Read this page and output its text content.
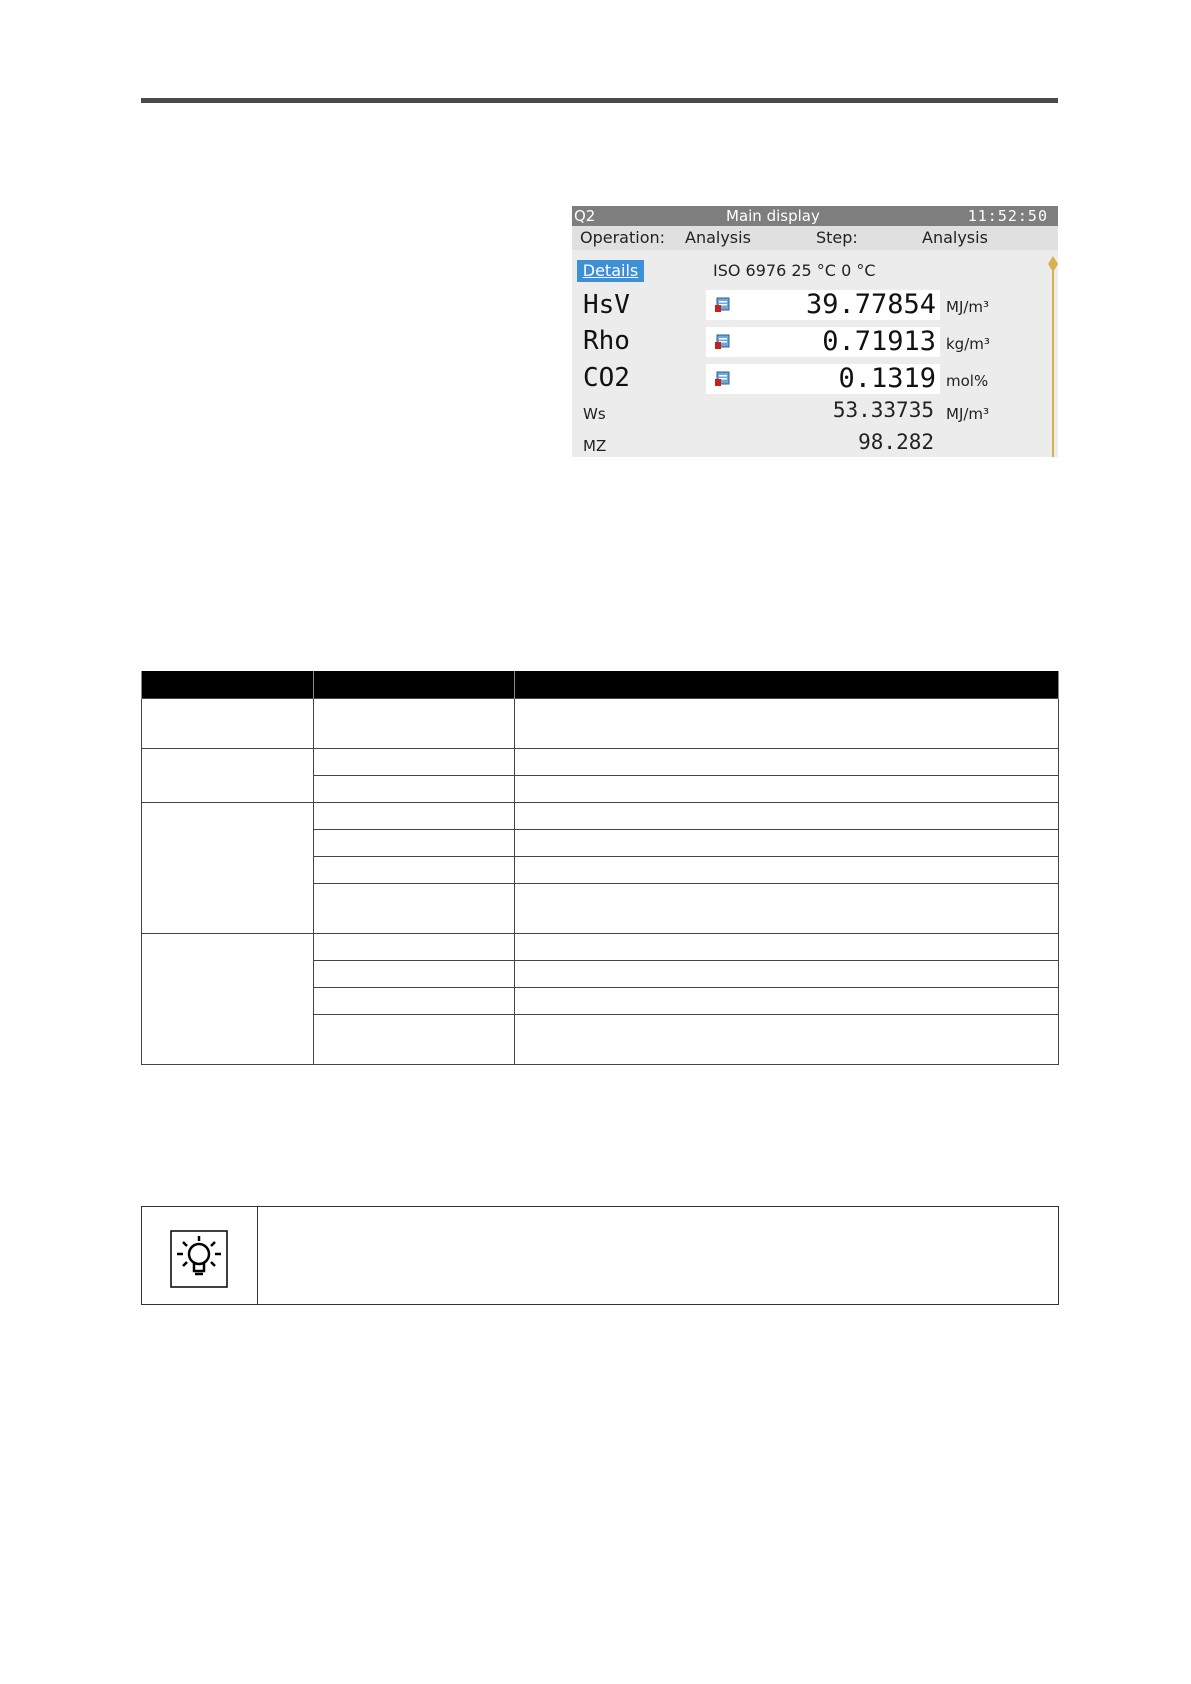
Q2	Main display	11:52:50
Operation: Analysis	Step:	Analysis
Details	ISO 6976 25 °C 0 °C
HsV	39.77854 MJ/m³
Rho	0.71913 kg/m³
CO2	0.1319 mol%
Ws	53.33735 MJ/m³
MZ	98.282
